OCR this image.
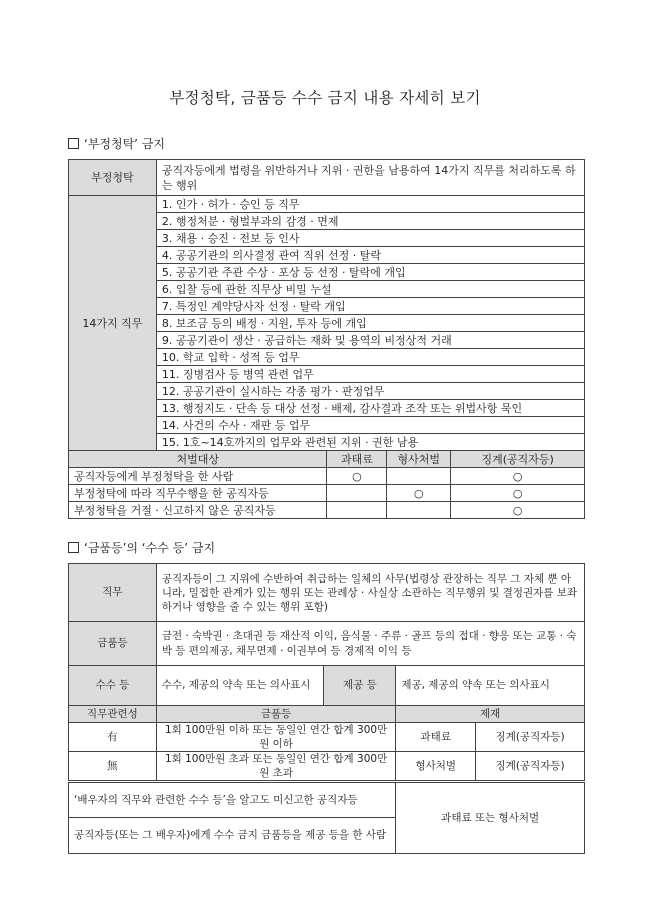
부정청탁, 금품등 수수 금지 내용 자세히 보기
‘부정청탁’ 금지
부정청탁	공직자등에게 법령을 위반하거나 지위 · 권한을 남용하여 14가지 직무를 처리하도록 하는 행위			
14가지 직무	1. 인가 · 허가 · 승인 등 직무			
	2. 행정처분 · 형벌부과의 감경 · 면제			
	3. 채용 · 승진 · 전보 등 인사			
	4. 공공기관의 의사결정 관여 직위 선정 · 탈락			
	5. 공공기관 주관 수상 · 포상 등 선정 · 탈락에 개입			
	6. 입찰 등에 관한 직무상 비밀 누설			
	7. 특정인 계약당사자 선정 · 탈락 개입			
	8. 보조금 등의 배정 · 지원, 투자 등에 개입			
	9. 공공기관이 생산 · 공급하는 재화 및 용역의 비정상적 거래			
	10. 학교 입학 · 성적 등 업무			
	11. 징병검사 등 병역 관련 업무			
	12. 공공기관이 실시하는 각종 평가 · 판정업무			
	13. 행정지도 · 단속 등 대상 선정 · 배제, 감사결과 조작 또는 위법사항 묵인			
	14. 사건의 수사 · 재판 등 업무			
	15. 1호~14호까지의 업무와 관련된 지위 · 권한 남용			
처벌대상		과태료	형사처벌	징계(공직자등)
공직자등에게 부정청탁을 한 사람		○		○
부정청탁에 따라 직무수행을 한 공직자등			○	○
부정청탁을 거절 · 신고하지 않은 공직자등				○
‘금품등’의 ‘수수 등’ 금지
직무	공직자등이 그 지위에 수반하여 취급하는 일체의 사무(법령상 관장하는 직무 그 자체 뿐 아니라, 밀접한 관계가 있는 행위 또는 관례상 · 사실상 소관하는 직무행위 및 결정권자를 보좌하거나 영향을 줄 수 있는 행위 포함)			
금품등	금전 · 숙박권 · 초대권 등 재산적 이익, 음식물 · 주류 · 골프 등의 접대 · 향응 또는 교통 · 숙박 등 편의제공, 채무면제 · 이권부여 등 경제적 이익 등			
수수 등	수수, 제공의 약속 또는 의사표시	제공 등	제공, 제공의 약속 또는 의사표시	
직무관련성	금품등		제재	
有	1회 100만원 이하 또는 동일인 연간 합계 300만원 이하		과태료	징계(공직자등)
無	1회 100만원 초과 또는 동일인 연간 합계 300만원 초과		형사처벌	징계(공직자등)
‘배우자의 직무와 관련한 수수 등’을 알고도 미신고한 공직자등			과태료 또는 형사처벌	
공직자등(또는 그 배우자)에게 수수 금지 금품등을 제공 등을 한 사람				
